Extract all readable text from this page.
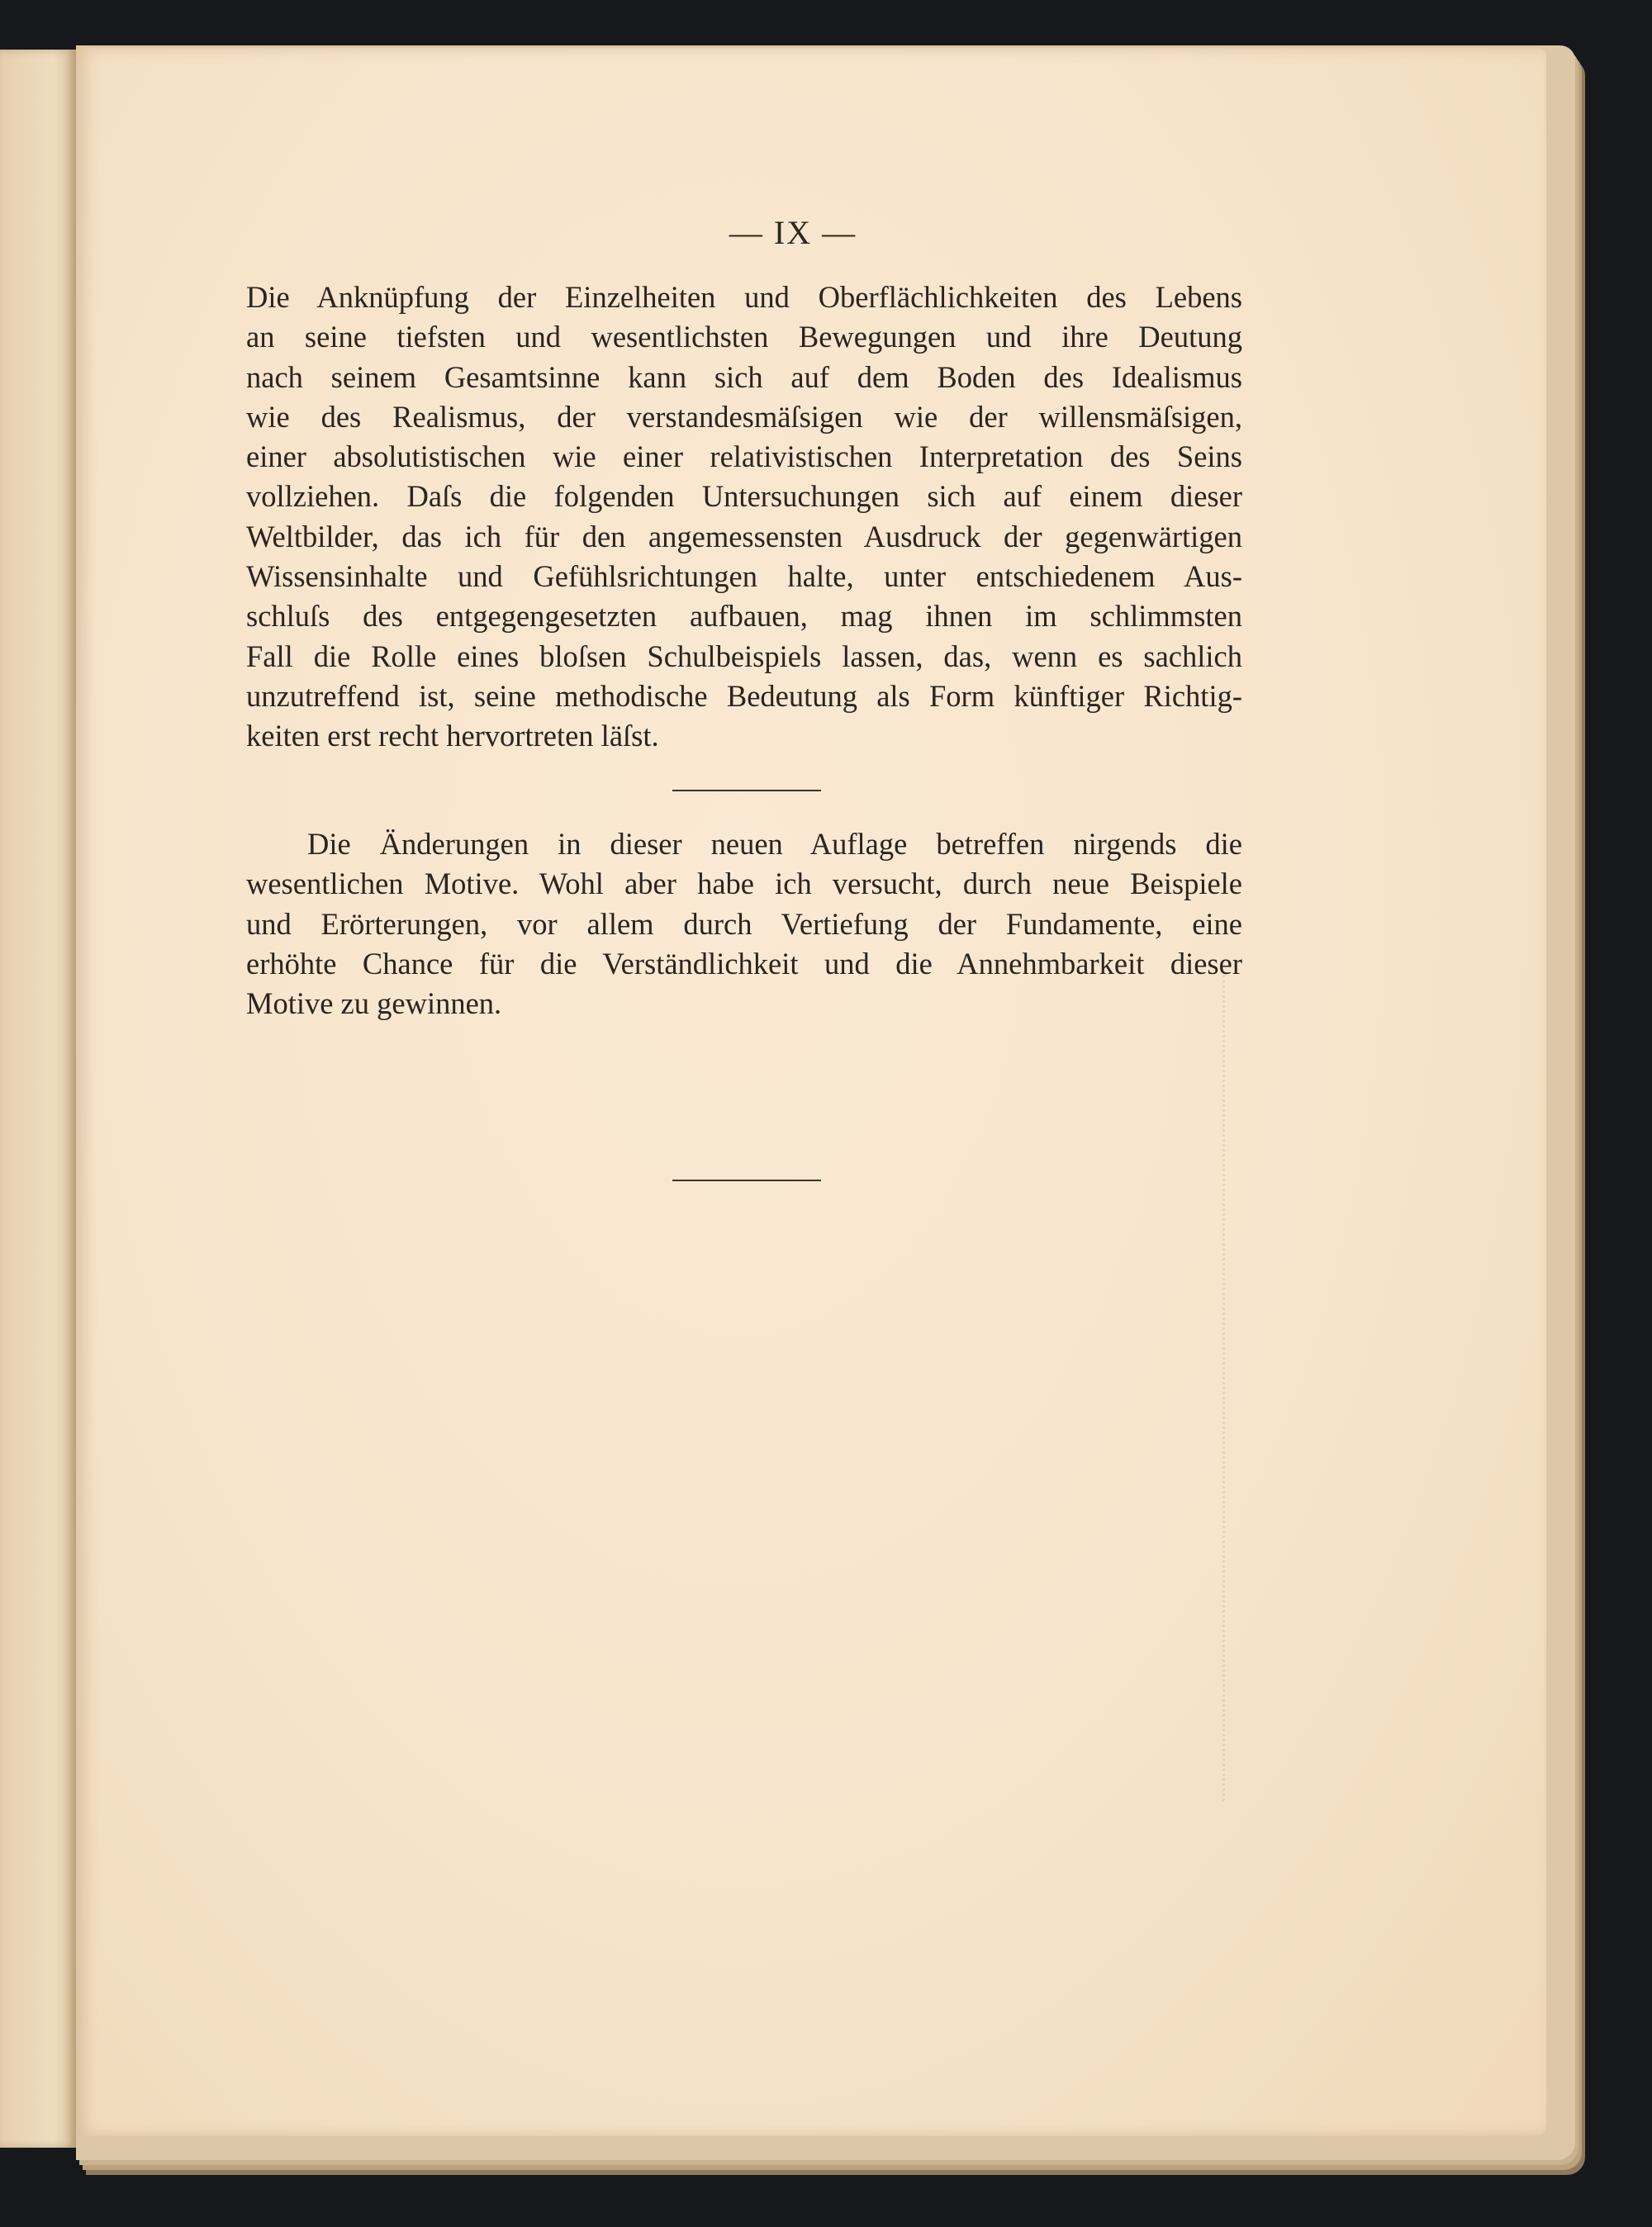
— IX —
Die Anknüpfung der Einzelheiten und Oberflächlichkeiten des Lebens
an seine tiefsten und wesentlichsten Bewegungen und ihre Deutung
nach seinem Gesamtsinne kann sich auf dem Boden des Idealismus
wie des Realismus, der verstandesmäſsigen wie der willensmäſsigen,
einer absolutistischen wie einer relativistischen Interpretation des Seins
vollziehen. Daſs die folgenden Untersuchungen sich auf einem dieser
Weltbilder, das ich für den angemessensten Ausdruck der gegenwärtigen
Wissensinhalte und Gefühlsrichtungen halte, unter entschiedenem Aus-
schluſs des entgegengesetzten aufbauen, mag ihnen im schlimmsten
Fall die Rolle eines bloſsen Schulbeispiels lassen, das, wenn es sachlich
unzutreffend ist, seine methodische Bedeutung als Form künftiger Richtig-
keiten erst recht hervortreten läſst.
Die Änderungen in dieser neuen Auflage betreffen nirgends die
wesentlichen Motive. Wohl aber habe ich versucht, durch neue Beispiele
und Erörterungen, vor allem durch Vertiefung der Fundamente, eine
erhöhte Chance für die Verständlichkeit und die Annehmbarkeit dieser
Motive zu gewinnen.
